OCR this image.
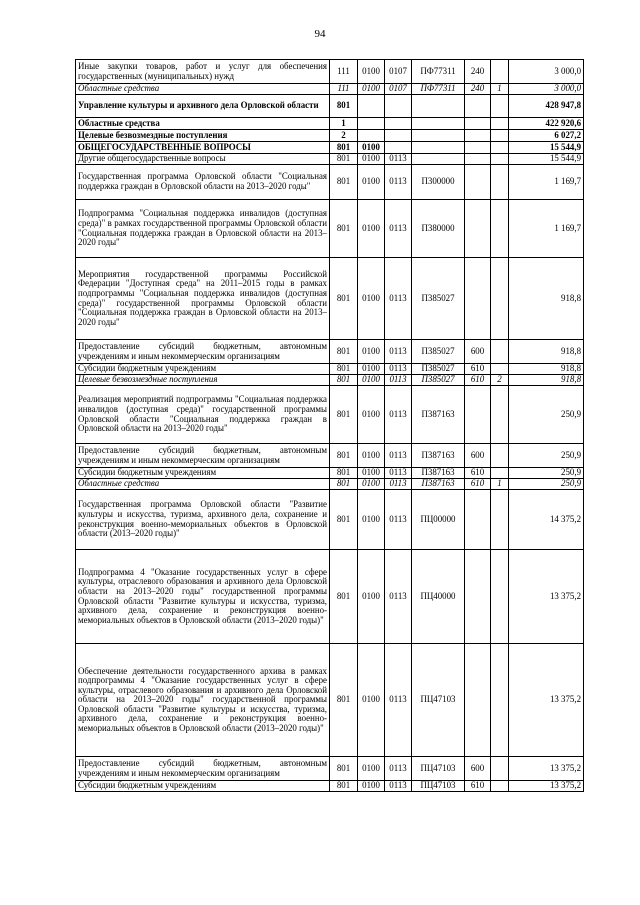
94
Иные закупки товаров, работ и услуг для обеспечения государственных (муниципальных) нужд	111	0100	0107	ПФ77311	240		3 000,0
Областные средства	111	0100	0107	ПФ77311	240	1	3 000,0
Управление культуры и архивного дела Орловской области	801						428 947,8
Областные средства	1						422 920,6
Целевые безвозмездные поступления	2						6 027,2
ОБЩЕГОСУДАРСТВЕННЫЕ ВОПРОСЫ	801	0100					15 544,9
Другие общегосударственные вопросы	801	0100	0113				15 544,9
Государственная программа Орловской области "Социальная поддержка граждан в Орловской области на 2013–2020 годы"	801	0100	0113	П300000			1 169,7
Подпрограмма "Социальная поддержка инвалидов (доступная среда)" в рамках государственной программы Орловской области "Социальная поддержка граждан в Орловской области на 2013–2020 годы"	801	0100	0113	П380000			1 169,7
Мероприятия государственной программы Российской Федерации "Доступная среда" на 2011–2015 годы в рамках подпрограммы "Социальная поддержка инвалидов (доступная среда)" государственной программы Орловской области "Социальная поддержка граждан в Орловской области на 2013–2020 годы"	801	0100	0113	П385027			918,8
Предоставление субсидий бюджетным, автономным учреждениям и иным некоммерческим организациям	801	0100	0113	П385027	600		918,8
Субсидии бюджетным учреждениям	801	0100	0113	П385027	610		918,8
Целевые безвозмездные поступления	801	0100	0113	П385027	610	2	918,8
Реализация мероприятий подпрограммы "Социальная поддержка инвалидов (доступная среда)" государственной программы Орловской области "Социальная поддержка граждан в Орловской области на 2013–2020 годы"	801	0100	0113	П387163			250,9
Предоставление субсидий бюджетным, автономным учреждениям и иным некоммерческим организациям	801	0100	0113	П387163	600		250,9
Субсидии бюджетным учреждениям	801	0100	0113	П387163	610		250,9
Областные средства	801	0100	0113	П387163	610	1	250,9
Государственная программа Орловской области "Развитие культуры и искусства, туризма, архивного дела, сохранение и реконструкция военно-мемориальных объектов в Орловской области (2013–2020 годы)"	801	0100	0113	ПЦ00000			14 375,2
Подпрограмма 4 "Оказание государственных услуг в сфере культуры, отраслевого образования и архивного дела Орловской области на 2013–2020 годы" государственной программы Орловской области "Развитие культуры и искусства, туризма, архивного дела, сохранение и реконструкция военно-мемориальных объектов в Орловской области (2013–2020 годы)"	801	0100	0113	ПЦ40000			13 375,2
Обеспечение деятельности государственного архива в рамках подпрограммы 4 "Оказание государственных услуг в сфере культуры, отраслевого образования и архивного дела Орловской области на 2013–2020 годы" государственной программы Орловской области "Развитие культуры и искусства, туризма, архивного дела, сохранение и реконструкция военно-мемориальных объектов в Орловской области (2013–2020 годы)"	801	0100	0113	ПЦ47103			13 375,2
Предоставление субсидий бюджетным, автономным учреждениям и иным некоммерческим организациям	801	0100	0113	ПЦ47103	600		13 375,2
Субсидии бюджетным учреждениям	801	0100	0113	ПЦ47103	610		13 375,2
